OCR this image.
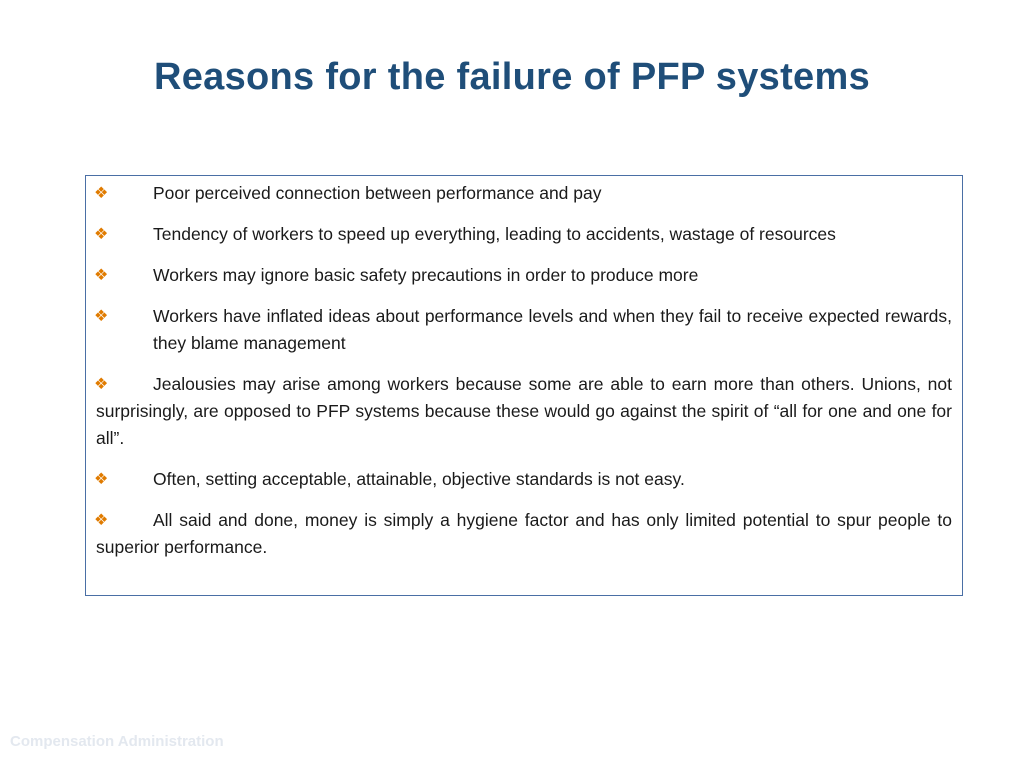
Reasons for the failure of PFP systems
❖	Poor perceived connection between performance and pay
❖	Tendency of workers to speed up everything, leading to accidents, wastage of resources
❖	Workers may ignore basic safety precautions in order to produce more
❖	Workers have inflated ideas about performance levels and when they fail to receive expected rewards, they blame management
❖	Jealousies may arise among workers because some are able to earn more than others. Unions, not surprisingly, are opposed to PFP systems because these would go against the spirit of “all for one and one for all”.
❖	Often, setting acceptable, attainable, objective standards is not easy.
❖	All said and done, money is simply a hygiene factor and has only limited potential to spur people to superior performance.
Compensation Administration
